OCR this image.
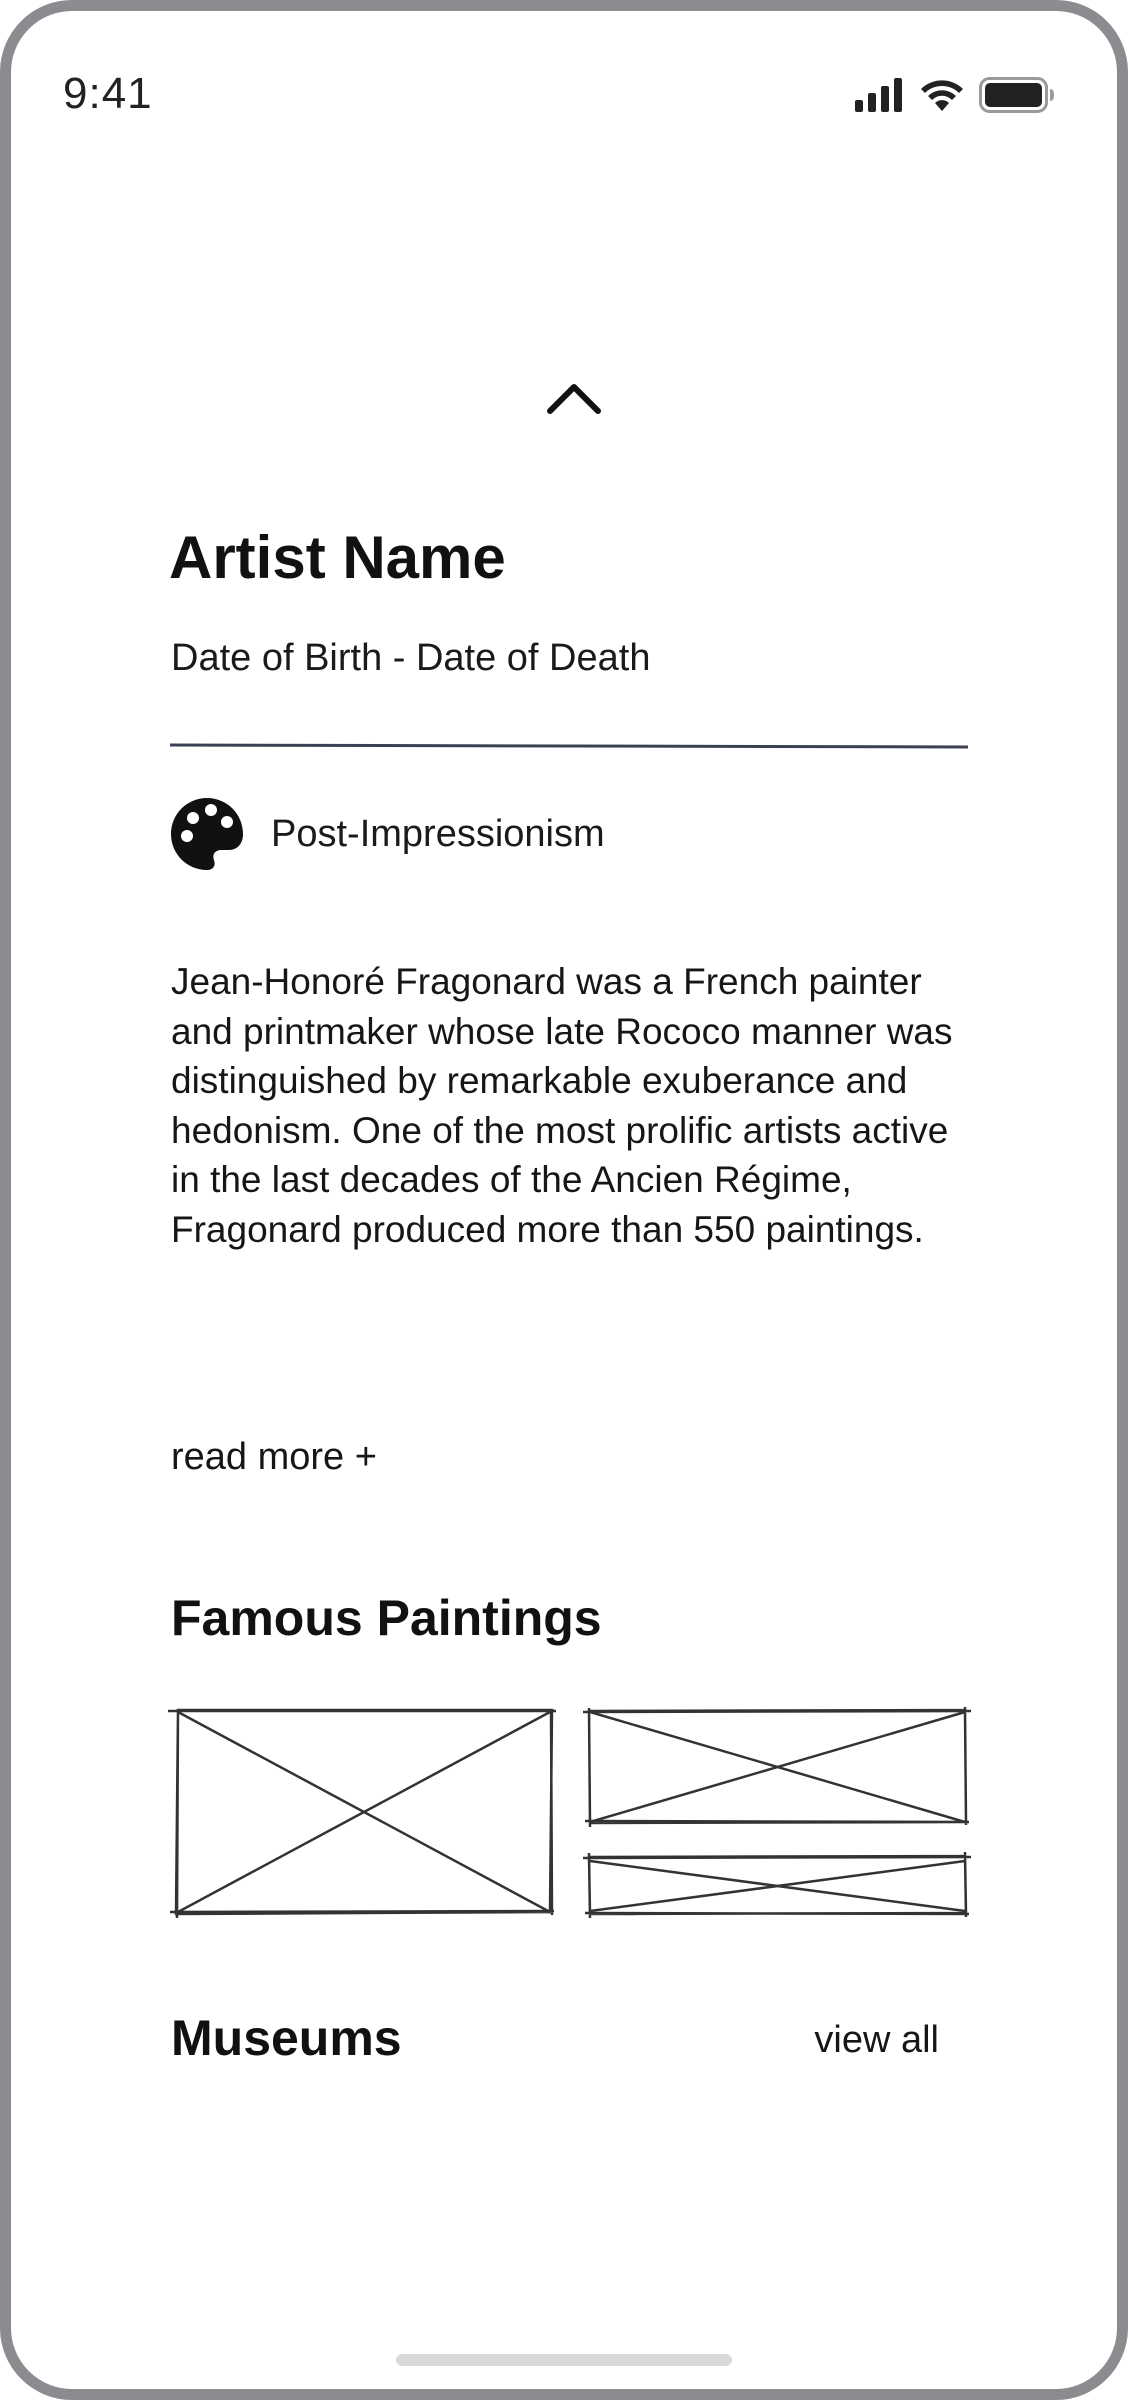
9:41
Artist Name
Date of Birth - Date of Death
Post-Impressionism

Jean-Honoré Fragonard was a French painter and printmaker whose late Rococo manner was distinguished by remarkable exuberance and hedonism. One of the most prolific artists active in the last decades of the Ancien Régime, Fragonard produced more than 550 paintings.

read more +
Famous Paintings
Museums	view all
